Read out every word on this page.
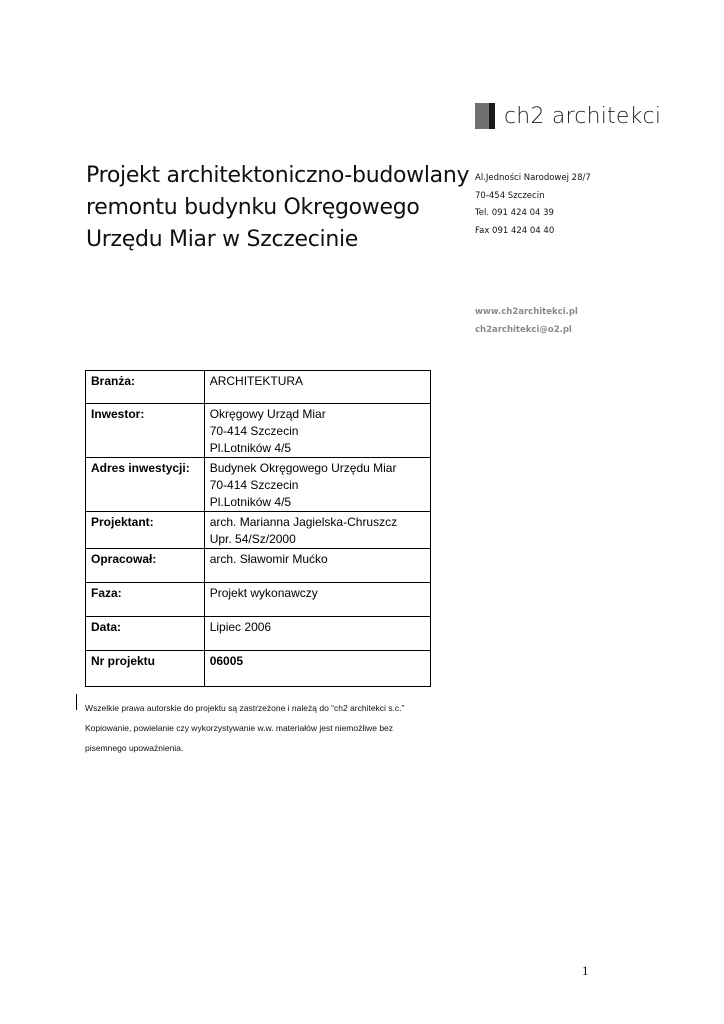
ch2 architekci
Projekt architektoniczno-budowlany
remontu budynku Okręgowego
Urzędu Miar w Szczecinie
Al.Jedności Narodowej 28/7
70-454 Szczecin
Tel. 091 424 04 39
Fax 091 424 04 40
www.ch2architekci.pl
ch2architekci@o2.pl
Branża:	ARCHITEKTURA
Inwestor:	Okręgowy Urząd Miar
70-414 Szczecin
Pl.Lotników 4/5

Adres inwestycji:	Budynek Okręgowego Urzędu Miar
70-414 Szczecin
Pl.Lotników 4/5

Projektant:	arch. Marianna Jagielska-Chruszcz
Upr. 54/Sz/2000

Opracował:	arch. Sławomir Mućko
Faza:	Projekt wykonawczy
Data:	Lipiec 2006
Nr projektu	06005
Wszelkie prawa autorskie do projektu są zastrzeżone i należą do “ch2 architekci s.c.”
Kopiowanie, powielanie czy wykorzystywanie w.w. materiałów jest niemożliwe bez
pisemnego upoważnienia.
1
